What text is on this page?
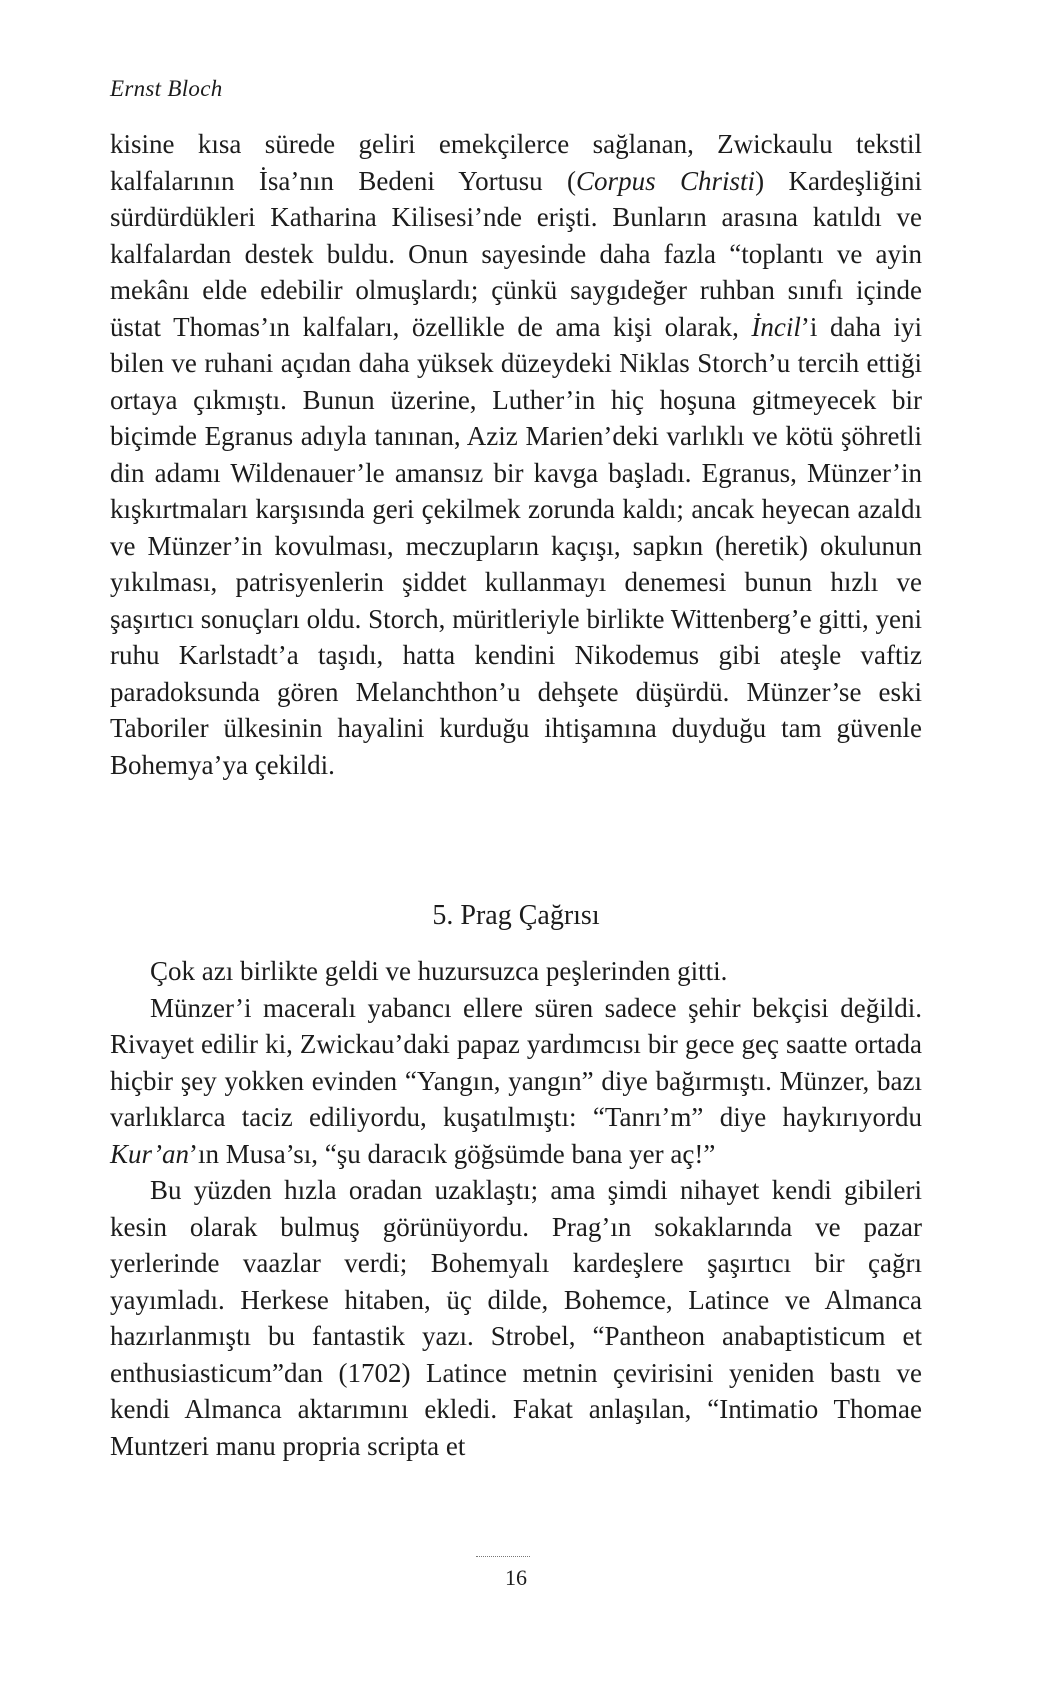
Ernst Bloch

kisine kısa sürede geliri emekçilerce sağlanan, Zwickaulu tekstil kalfalarının İsa’nın Bedeni Yortusu (Corpus Christi) Kardeşliğini sürdürdükleri Katharina Kilisesi’nde erişti. Bunların arasına katıldı ve kalfalardan destek buldu. Onun sayesinde daha fazla “toplantı ve ayin mekânı elde edebilir olmuşlardı; çünkü saygıdeğer ruhban sınıfı içinde üstat Thomas’ın kalfaları, özellikle de ama kişi olarak, İncil’i daha iyi bilen ve ruhani açıdan daha yüksek düzeydeki Niklas Storch’u tercih ettiği ortaya çıkmıştı. Bunun üzerine, Luther’in hiç hoşuna gitmeyecek bir biçimde Egranus adıyla tanınan, Aziz Marien’deki varlıklı ve kötü şöhretli din adamı Wildenauer’le amansız bir kavga başladı. Egranus, Münzer’in kışkırtmaları karşısında geri çekilmek zorunda kaldı; ancak heyecan azaldı ve Münzer’in kovulması, meczupların kaçışı, sapkın (heretik) okulunun yıkılması, patrisyenlerin şiddet kullanmayı denemesi bunun hızlı ve şaşırtıcı sonuçları oldu. Storch, müritleriyle birlikte Wittenberg’e gitti, yeni ruhu Karlstadt’a taşıdı, hatta kendini Nikodemus gibi ateşle vaftiz paradoksunda gören Melanchthon’u dehşete düşürdü. Münzer’se eski Taboriler ülkesinin hayalini kurduğu ihtişamına duyduğu tam güvenle Bohemya’ya çekildi.

5. Prag Çağrısı

Çok azı birlikte geldi ve huzursuzca peşlerinden gitti.

Münzer’i maceralı yabancı ellere süren sadece şehir bekçisi değildi. Rivayet edilir ki, Zwickau’daki papaz yardımcısı bir gece geç saatte ortada hiçbir şey yokken evinden “Yangın, yangın” diye bağırmıştı. Münzer, bazı varlıklarca taciz ediliyordu, kuşatılmıştı: “Tanrı’m” diye haykırıyordu Kur’an’ın Musa’sı, “şu daracık göğsümde bana yer aç!”

Bu yüzden hızla oradan uzaklaştı; ama şimdi nihayet kendi gibileri kesin olarak bulmuş görünüyordu. Prag’ın sokaklarında ve pazar yerlerinde vaazlar verdi; Bohemyalı kardeşlere şaşırtıcı bir çağrı yayımladı. Herkese hitaben, üç dilde, Bohemce, Latince ve Almanca hazırlanmıştı bu fantastik yazı. Strobel, “Pantheon anabaptisticum et enthusiasticum”dan (1702) Latince metnin çevirisini yeniden bastı ve kendi Almanca aktarımını ekledi. Fakat anlaşılan, “Intimatio Thomae Muntzeri manu propria scripta et

16
